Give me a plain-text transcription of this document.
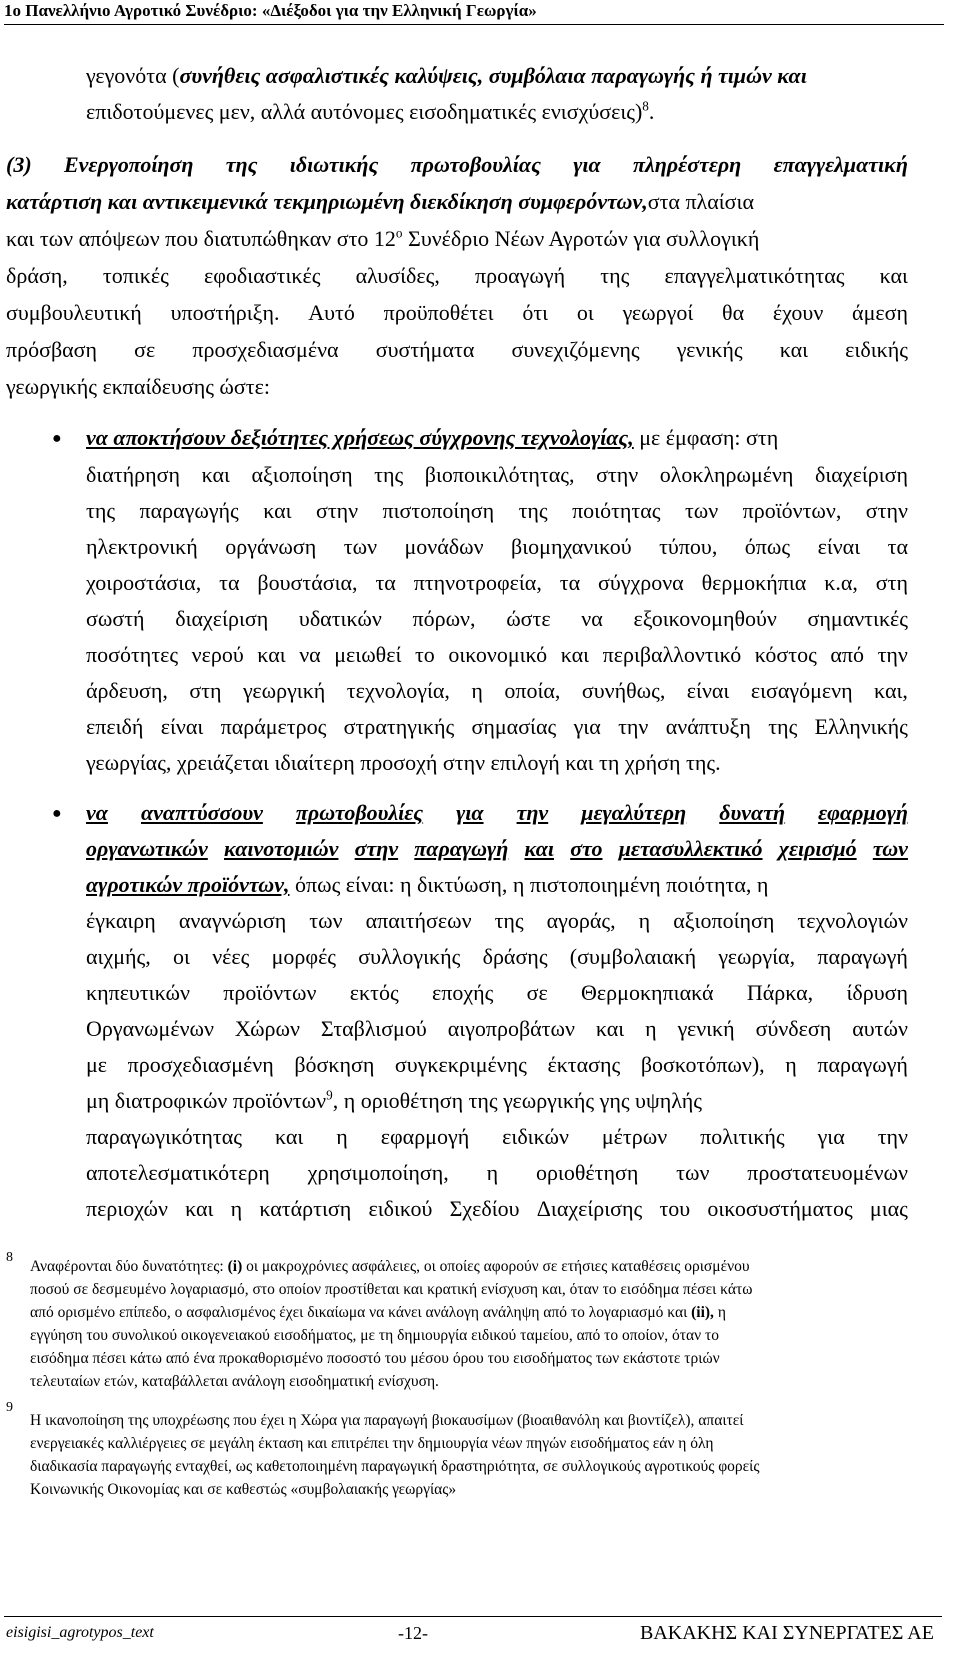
1ο Πανελλήνιο Αγροτικό Συνέδριο: «Διέξοδοι για την Ελληνική Γεωργία»
γεγονότα (συνήθεις ασφαλιστικές καλύψεις, συμβόλαια παραγωγής ή τιμών και
επιδοτούμενες μεν, αλλά αυτόνομες εισοδηματικές ενισχύσεις)$^8$.
(3) Ενεργοποίηση της ιδιωτικής πρωτοβουλίας για πληρέστερη επαγγελματική
κατάρτιση και αντικειμενικά τεκμηριωμένη διεκδίκηση συμφερόντων,στα πλαίσια
και των απόψεων που διατυπώθηκαν στο $12^o$ Συνέδριο Νέων Αγροτών για συλλογική
δράση, τοπικές εφοδιαστικές αλυσίδες, προαγωγή της επαγγελματικότητας και
συμβουλευτική υποστήριξη. Αυτό προϋποθέτει ότι οι γεωργοί θα έχουν άμεση
πρόσβαση σε προσχεδιασμένα συστήματα συνεχιζόμενης γενικής και ειδικής
γεωργικής εκπαίδευσης ώστε:
● να αποκτήσουν δεξιότητες χρήσεως σύγχρονης τεχνολογίας, με έμφαση: στη
διατήρηση και αξιοποίηση της βιοποικιλότητας, στην ολοκληρωμένη διαχείριση
της παραγωγής και στην πιστοποίηση της ποιότητας των προϊόντων, στην
ηλεκτρονική οργάνωση των μονάδων βιομηχανικού τύπου, όπως είναι τα
χοιροστάσια, τα βουστάσια, τα πτηνοτροφεία, τα σύγχρονα θερμοκήπια κ.α, στη
σωστή διαχείριση υδατικών πόρων, ώστε να εξοικονομηθούν σημαντικές
ποσότητες νερού και να μειωθεί το οικονομικό και περιβαλλοντικό κόστος από την
άρδευση, στη γεωργική τεχνολογία, η οποία, συνήθως, είναι εισαγόμενη και,
επειδή είναι παράμετρος στρατηγικής σημασίας για την ανάπτυξη της Ελληνικής
γεωργίας, χρειάζεται ιδιαίτερη προσοχή στην επιλογή και τη χρήση της.
● να αναπτύσσουν πρωτοβουλίες για την μεγαλύτερη δυνατή εφαρμογή
οργανωτικών καινοτομιών στην παραγωγή και στο μετασυλλεκτικό χειρισμό των
αγροτικών προϊόντων, όπως είναι: η δικτύωση, η πιστοποιημένη ποιότητα, η
έγκαιρη αναγνώριση των απαιτήσεων της αγοράς, η αξιοποίηση τεχνολογιών
αιχμής, οι νέες μορφές συλλογικής δράσης (συμβολαιακή γεωργία, παραγωγή
κηπευτικών προϊόντων εκτός εποχής σε Θερμοκηπιακά Πάρκα, ίδρυση
Οργανωμένων Χώρων Σταβλισμού αιγοπροβάτων και η γενική σύνδεση αυτών
με προσχεδιασμένη βόσκηση συγκεκριμένης έκτασης βοσκοτόπων), η παραγωγή
μη διατροφικών προϊόντων$^9$, η οριοθέτηση της γεωργικής γης υψηλής
παραγωγικότητας και η εφαρμογή ειδικών μέτρων πολιτικής για την
αποτελεσματικότερη χρησιμοποίηση, η οριοθέτηση των προστατευομένων
περιοχών και η κατάρτιση ειδικού Σχεδίου Διαχείρισης του οικοσυστήματος μιας
8
Αναφέρονται δύο δυνατότητες: (i) οι μακροχρόνιες ασφάλειες, οι οποίες αφορούν σε ετήσιες καταθέσεις ορισμένου
ποσού σε δεσμευμένο λογαριασμό, στο οποίον προστίθεται και κρατική ενίσχυση και, όταν το εισόδημα πέσει κάτω
από ορισμένο επίπεδο, ο ασφαλισμένος έχει δικαίωμα να κάνει ανάλογη ανάληψη από το λογαριασμό και (ii), η
εγγύηση του συνολικού οικογενειακού εισοδήματος, με τη δημιουργία ειδικού ταμείου, από το οποίον, όταν το
εισόδημα πέσει κάτω από ένα προκαθορισμένο ποσοστό του μέσου όρου του εισοδήματος των εκάστοτε τριών
τελευταίων ετών, καταβάλλεται ανάλογη εισοδηματική ενίσχυση.
9
Η ικανοποίηση της υποχρέωσης που έχει η Χώρα για παραγωγή βιοκαυσίμων (βιοαιθανόλη και βιοντίζελ), απαιτεί
ενεργειακές καλλιέργειες σε μεγάλη έκταση και επιτρέπει την δημιουργία νέων πηγών εισοδήματος εάν η όλη
διαδικασία παραγωγής ενταχθεί, ως καθετοποιημένη παραγωγική δραστηριότητα, σε συλλογικούς αγροτικούς φορείς
Κοινωνικής Οικονομίας και σε καθεστώς «συμβολαιακής γεωργίας»
eisigisi_agrotypos_text	-12-	ΒΑΚΑΚΗΣ ΚΑΙ ΣΥΝΕΡΓΑΤΕΣ ΑΕ
